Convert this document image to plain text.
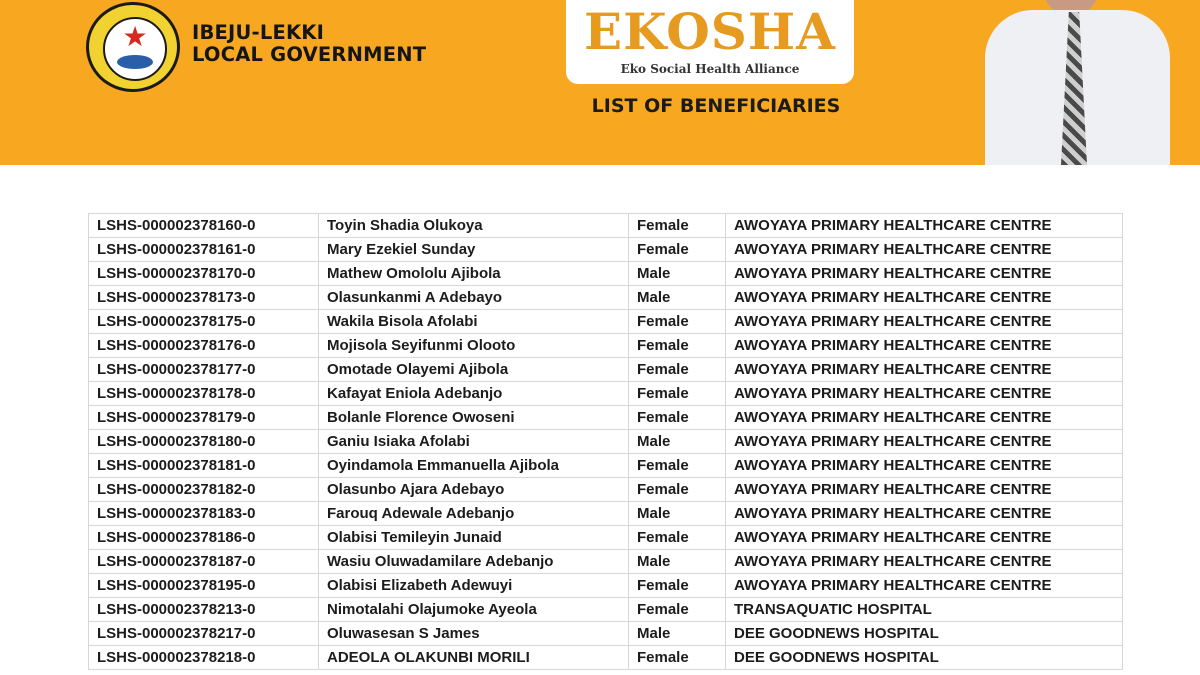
★	IBEJU-LEKKI
LOCAL GOVERNMENT	EKOSHA
Eko Social Health Alliance
LIST OF BENEFICIARIES
LSHS-000002378160-0	Toyin Shadia Olukoya	Female	AWOYAYA PRIMARY HEALTHCARE CENTRE
LSHS-000002378161-0	Mary Ezekiel Sunday	Female	AWOYAYA PRIMARY HEALTHCARE CENTRE
LSHS-000002378170-0	Mathew Omololu Ajibola	Male	AWOYAYA PRIMARY HEALTHCARE CENTRE
LSHS-000002378173-0	Olasunkanmi A Adebayo	Male	AWOYAYA PRIMARY HEALTHCARE CENTRE
LSHS-000002378175-0	Wakila Bisola Afolabi	Female	AWOYAYA PRIMARY HEALTHCARE CENTRE
LSHS-000002378176-0	Mojisola Seyifunmi Olooto	Female	AWOYAYA PRIMARY HEALTHCARE CENTRE
LSHS-000002378177-0	Omotade Olayemi Ajibola	Female	AWOYAYA PRIMARY HEALTHCARE CENTRE
LSHS-000002378178-0	Kafayat Eniola Adebanjo	Female	AWOYAYA PRIMARY HEALTHCARE CENTRE
LSHS-000002378179-0	Bolanle Florence Owoseni	Female	AWOYAYA PRIMARY HEALTHCARE CENTRE
LSHS-000002378180-0	Ganiu Isiaka Afolabi	Male	AWOYAYA PRIMARY HEALTHCARE CENTRE
LSHS-000002378181-0	Oyindamola Emmanuella Ajibola	Female	AWOYAYA PRIMARY HEALTHCARE CENTRE
LSHS-000002378182-0	Olasunbo Ajara Adebayo	Female	AWOYAYA PRIMARY HEALTHCARE CENTRE
LSHS-000002378183-0	Farouq Adewale Adebanjo	Male	AWOYAYA PRIMARY HEALTHCARE CENTRE
LSHS-000002378186-0	Olabisi Temileyin Junaid	Female	AWOYAYA PRIMARY HEALTHCARE CENTRE
LSHS-000002378187-0	Wasiu Oluwadamilare Adebanjo	Male	AWOYAYA PRIMARY HEALTHCARE CENTRE
LSHS-000002378195-0	Olabisi Elizabeth Adewuyi	Female	AWOYAYA PRIMARY HEALTHCARE CENTRE
LSHS-000002378213-0	Nimotalahi Olajumoke Ayeola	Female	TRANSAQUATIC HOSPITAL
LSHS-000002378217-0	Oluwasesan S James	Male	DEE GOODNEWS HOSPITAL
LSHS-000002378218-0	ADEOLA OLAKUNBI MORILI	Female	DEE GOODNEWS HOSPITAL
